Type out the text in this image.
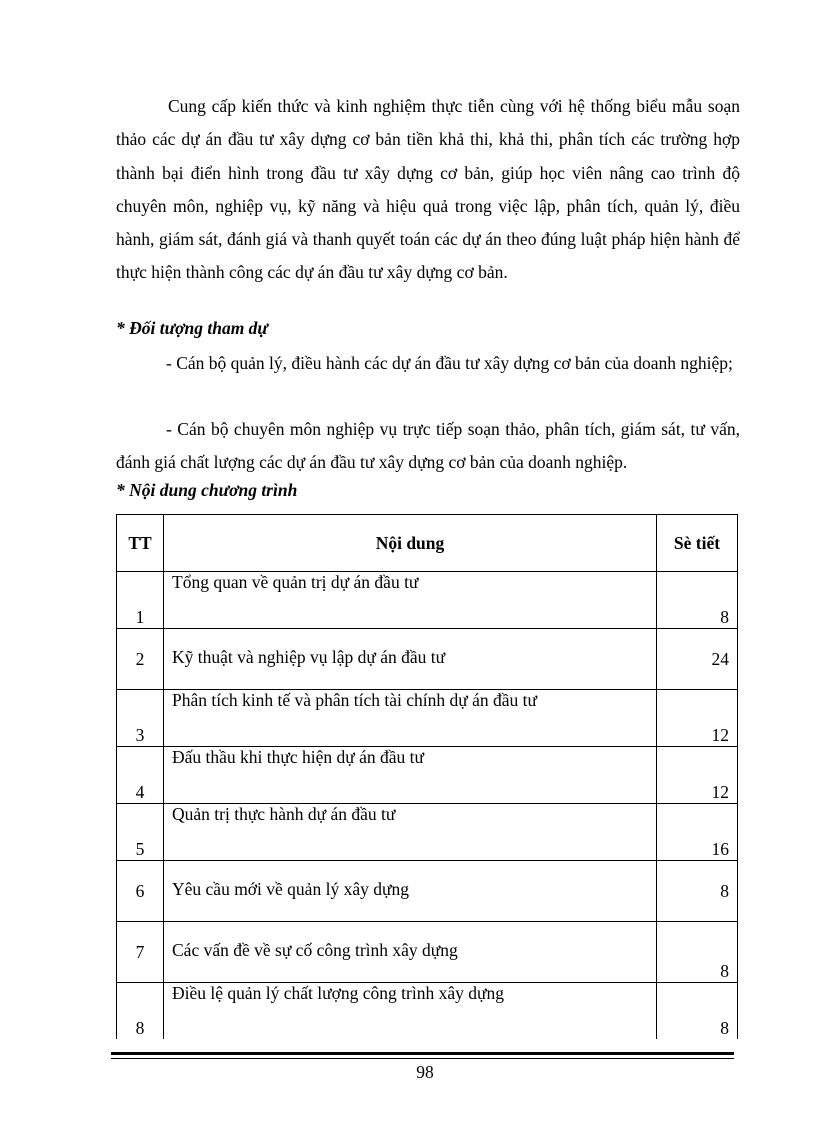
Cung cấp kiến thức và kinh nghiệm thực tiễn cùng với hệ thống biểu mẫu soạn thảo các dự án đầu tư xây dựng cơ bản tiền khả thi, khả thi, phân tích các trường hợp thành bại điển hình trong đầu tư xây dựng cơ bản, giúp học viên nâng cao trình độ chuyên môn, nghiệp vụ, kỹ năng và hiệu quả trong việc lập, phân tích, quản lý, điều hành, giám sát, đánh giá và thanh quyết toán các dự án theo đúng luật pháp hiện hành để thực hiện thành công các dự án đầu tư xây dựng cơ bản.

* Đối tượng tham dự

- Cán bộ quản lý, điều hành các dự án đầu tư xây dựng cơ bản của doanh nghiệp;

- Cán bộ chuyên môn nghiệp vụ trực tiếp soạn thảo, phân tích, giám sát, tư vấn, đánh giá chất lượng các dự án đầu tư xây dựng cơ bản của doanh nghiệp.

* Nội dung chương trình

TT	Nội dung	Sè tiết
1	Tổng quan về quản trị dự án đầu tư	8
2	Kỹ thuật và nghiệp vụ lập dự án đầu tư	24
3	Phân tích kinh tế và phân tích tài chính dự án đầu tư	12
4	Đấu thầu khi thực hiện dự án đầu tư	12
5	Quản trị thực hành dự án đầu tư	16
6	Yêu cầu mới về quản lý xây dựng	8
7	Các vấn đề về sự cố công trình xây dựng	8
8	Điều lệ quản lý chất lượng công trình xây dựng	8
98
